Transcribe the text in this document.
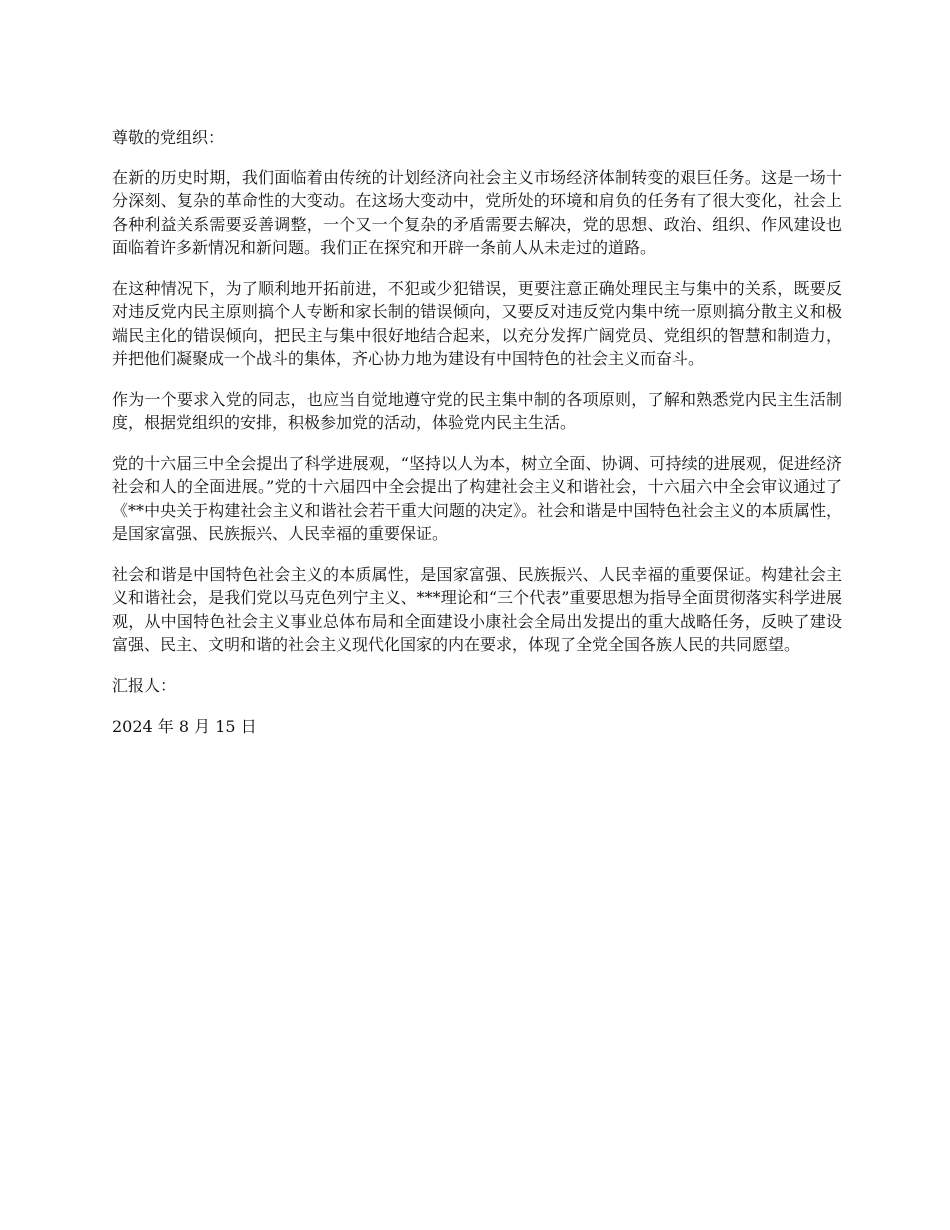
尊敬的党组织：

在新的历史时期，我们面临着由传统的计划经济向社会主义市场经济体制转变的艰巨任务。这是一场十分深刻、复杂的革命性的大变动。在这场大变动中，党所处的环境和肩负的任务有了很大变化，社会上各种利益关系需要妥善调整，一个又一个复杂的矛盾需要去解决，党的思想、政治、组织、作风建设也面临着许多新情况和新问题。我们正在探究和开辟一条前人从未走过的道路。

在这种情况下，为了顺利地开拓前进，不犯或少犯错误，更要注意正确处理民主与集中的关系，既要反对违反党内民主原则搞个人专断和家长制的错误倾向，又要反对违反党内集中统一原则搞分散主义和极端民主化的错误倾向，把民主与集中很好地结合起来，以充分发挥广阔党员、党组织的智慧和制造力，并把他们凝聚成一个战斗的集体，齐心协力地为建设有中国特色的社会主义而奋斗。

作为一个要求入党的同志，也应当自觉地遵守党的民主集中制的各项原则，了解和熟悉党内民主生活制度，根据党组织的安排，积极参加党的活动，体验党内民主生活。

党的十六届三中全会提出了科学进展观，“坚持以人为本，树立全面、协调、可持续的进展观，促进经济社会和人的全面进展。”党的十六届四中全会提出了构建社会主义和谐社会，十六届六中全会审议通过了《**中央关于构建社会主义和谐社会若干重大问题的决定》。社会和谐是中国特色社会主义的本质属性，是国家富强、民族振兴、人民幸福的重要保证。

社会和谐是中国特色社会主义的本质属性，是国家富强、民族振兴、人民幸福的重要保证。构建社会主义和谐社会，是我们党以马克色列宁主义、***理论和“三个代表”重要思想为指导全面贯彻落实科学进展观，从中国特色社会主义事业总体布局和全面建设小康社会全局出发提出的重大战略任务，反映了建设富强、民主、文明和谐的社会主义现代化国家的内在要求，体现了全党全国各族人民的共同愿望。

汇报人：

2024 年 8 月 15 日
